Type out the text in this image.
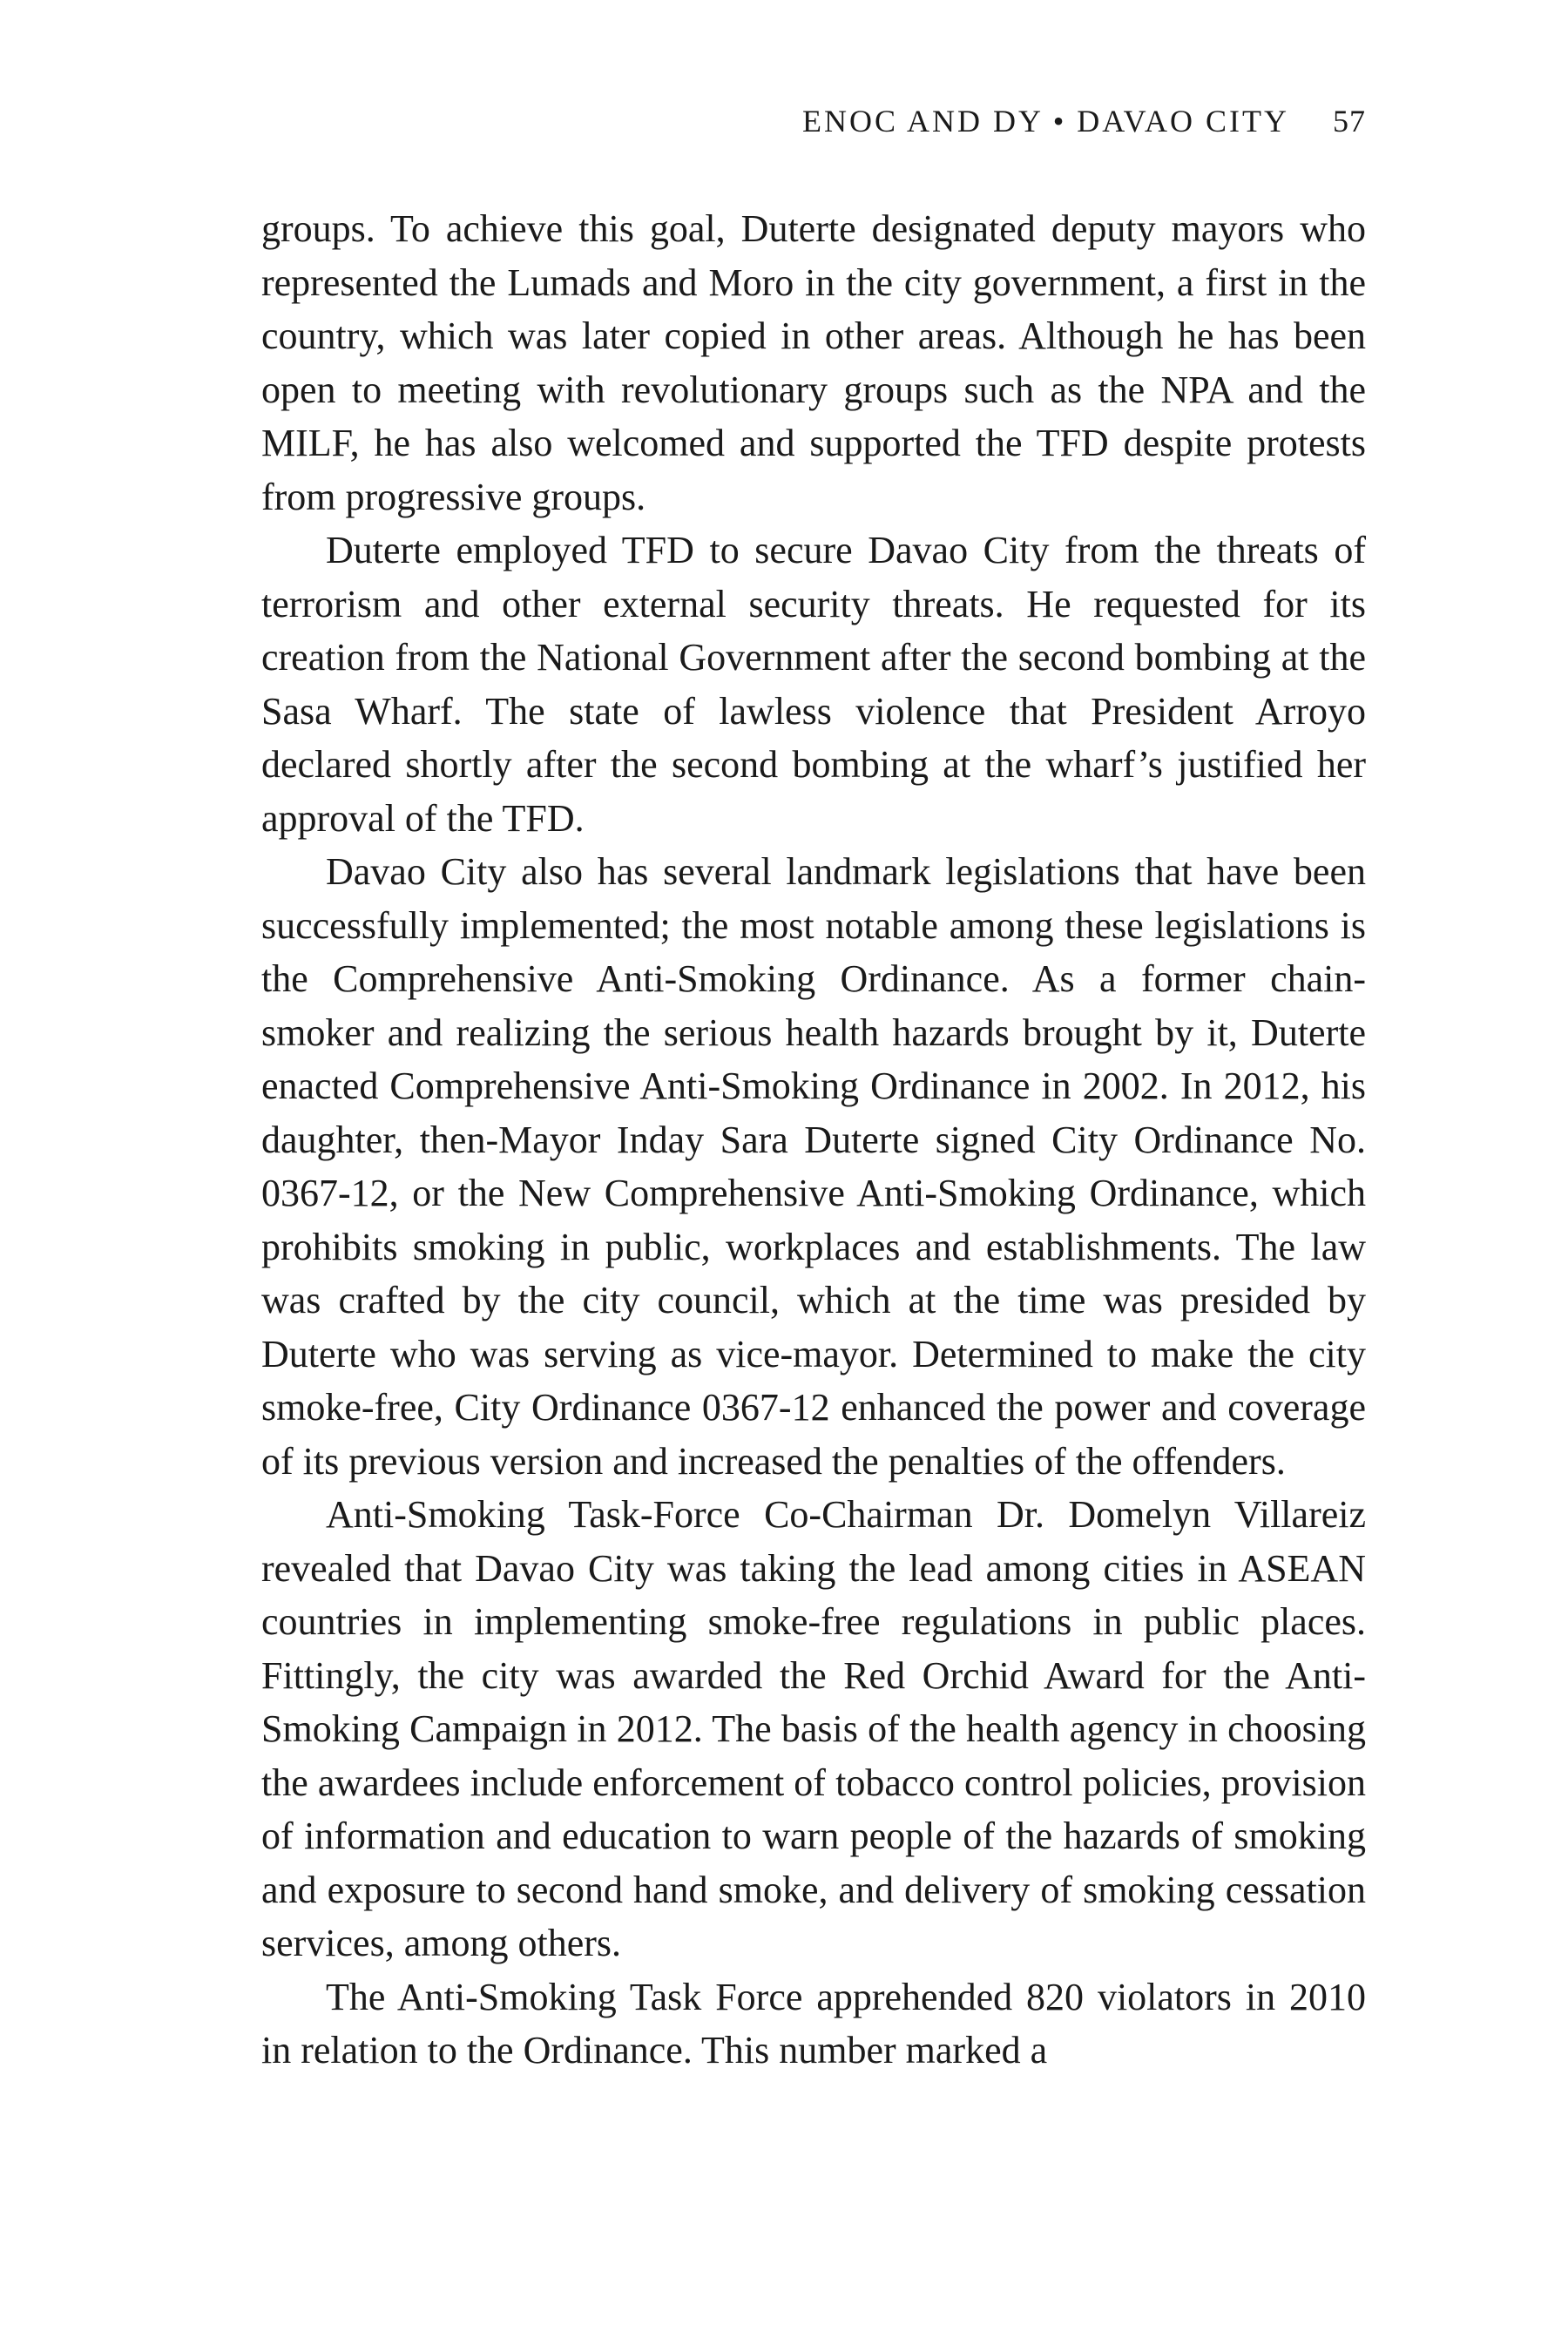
ENOC AND DY • DAVAO CITY 57

groups. To achieve this goal, Duterte designated deputy mayors who represented the Lumads and Moro in the city government, a first in the country, which was later copied in other areas. Although he has been open to meeting with revolutionary groups such as the NPA and the MILF, he has also welcomed and supported the TFD despite protests from progressive groups.

Duterte employed TFD to secure Davao City from the threats of terrorism and other external security threats. He requested for its creation from the National Government after the second bombing at the Sasa Wharf. The state of lawless violence that President Arroyo declared shortly after the second bombing at the wharf’s justified her approval of the TFD.

Davao City also has several landmark legislations that have been successfully implemented; the most notable among these legislations is the Comprehensive Anti-Smoking Ordinance. As a former chain-smoker and realizing the serious health hazards brought by it, Duterte enacted Comprehensive Anti-Smoking Ordinance in 2002. In 2012, his daughter, then-Mayor Inday Sara Duterte signed City Ordinance No. 0367-12, or the New Comprehensive Anti-Smoking Ordinance, which prohibits smoking in public, workplaces and establishments. The law was crafted by the city council, which at the time was presided by Duterte who was serving as vice-mayor. Determined to make the city smoke-free, City Ordinance 0367-12 enhanced the power and coverage of its previous version and increased the penalties of the offenders.

Anti-Smoking Task-Force Co-Chairman Dr. Domelyn Villareiz revealed that Davao City was taking the lead among cities in ASEAN countries in implementing smoke-free regulations in public places. Fittingly, the city was awarded the Red Orchid Award for the Anti-Smoking Campaign in 2012. The basis of the health agency in choosing the awardees include enforcement of tobacco control policies, provision of information and education to warn people of the hazards of smoking and exposure to second hand smoke, and delivery of smoking cessation services, among others.

The Anti-Smoking Task Force apprehended 820 violators in 2010 in relation to the Ordinance. This number marked a
